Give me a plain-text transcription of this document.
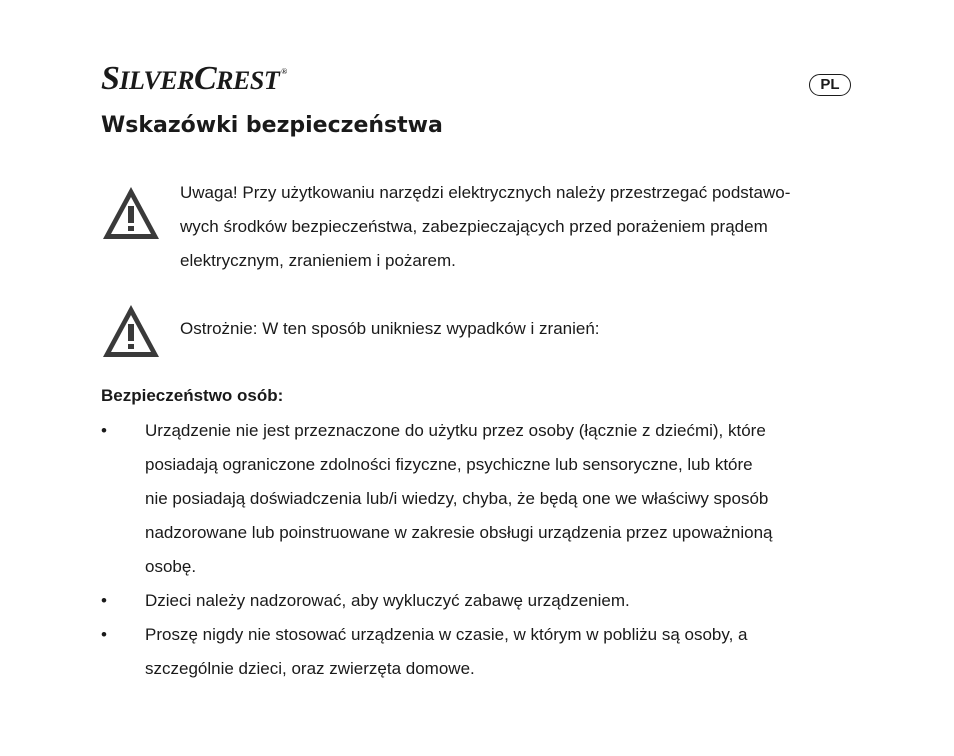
SILVERCREST ®
PL
Wskazówki bezpieczeństwa
Uwaga! Przy użytkowaniu narzędzi elektrycznych należy przestrzegać podstawo-
wych środków bezpieczeństwa, zabezpieczających przed porażeniem prądem
elektrycznym, zranieniem i pożarem.
Ostrożnie: W ten sposób unikniesz wypadków i zranień:
Bezpieczeństwo osób:
• Urządzenie nie jest przeznaczone do użytku przez osoby (łącznie z dziećmi), które
posiadają ograniczone zdolności fizyczne, psychiczne lub sensoryczne, lub które
nie posiadają doświadczenia lub/i wiedzy, chyba, że będą one we właściwy sposób
nadzorowane lub poinstruowane w zakresie obsługi urządzenia przez upoważnioną
osobę.
• Dzieci należy nadzorować, aby wykluczyć zabawę urządzeniem.
• Proszę nigdy nie stosować urządzenia w czasie, w którym w pobliżu są osoby, a
szczególnie dzieci, oraz zwierzęta domowe.
